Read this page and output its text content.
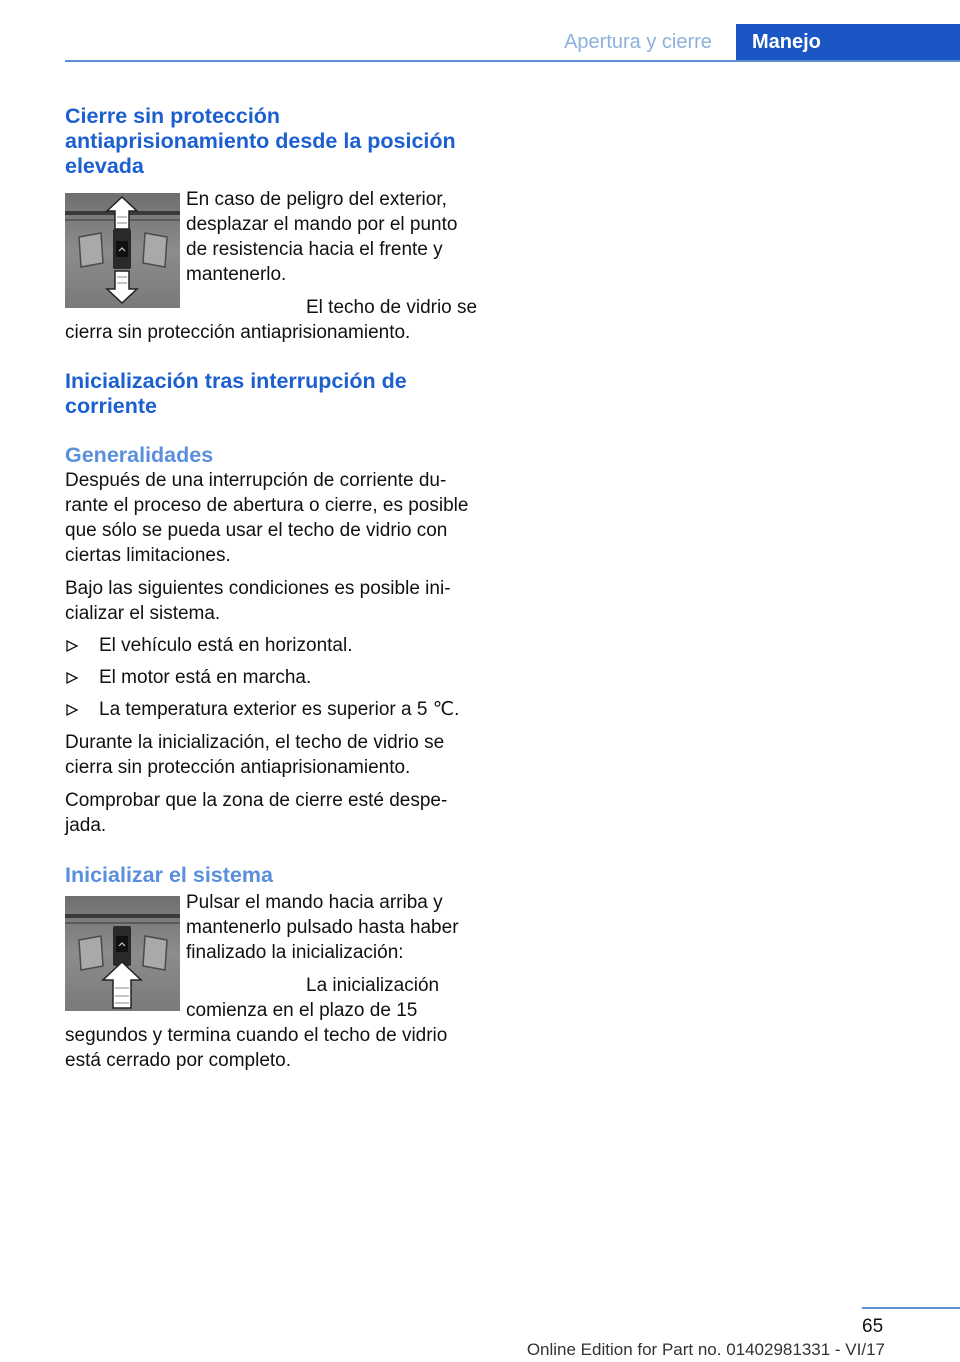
Apertura y cierre	Manejo
Cierre sin protección antiaprisionamiento desde la posición elevada
En caso de peligro del exterior, desplazar el mando por el punto de resistencia hacia el frente y mantenerlo.
El techo de vidrio se cierra sin protección antiaprisionamiento.
Inicialización tras interrupción de corriente
Generalidades
Después de una interrupción de corriente durante el proceso de abertura o cierre, es posible que sólo se pueda usar el techo de vidrio con ciertas limitaciones.
Bajo las siguientes condiciones es posible inicializar el sistema.
El vehículo está en horizontal.
El motor está en marcha.
La temperatura exterior es superior a 5 ℃.
Durante la inicialización, el techo de vidrio se cierra sin protección antiaprisionamiento.
Comprobar que la zona de cierre esté despejada.
Inicializar el sistema
Pulsar el mando hacia arriba y mantenerlo pulsado hasta haber finalizado la inicialización:
La inicialización comienza en el plazo de 15 segundos y termina cuando el techo de vidrio está cerrado por completo.
65
Online Edition for Part no. 01402981331 - VI/17
